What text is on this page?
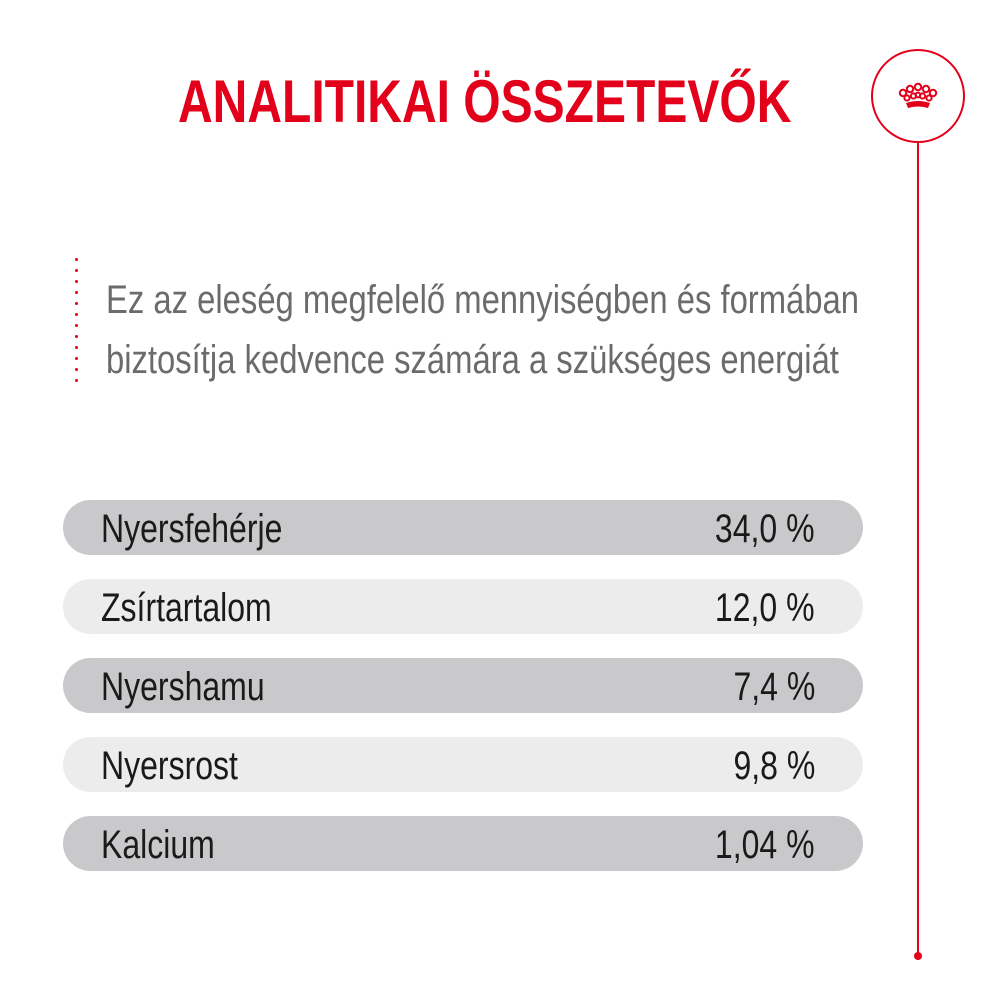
ANALITIKAI ÖSSZETEVŐK
Ez az eleség megfelelő mennyiségben és formában
biztosítja kedvence számára a szükséges energiát
Nyersfehérje	34,0 %
Zsírtartalom	12,0 %
Nyershamu	7,4 %
Nyersrost	9,8 %
Kalcium	1,04 %
